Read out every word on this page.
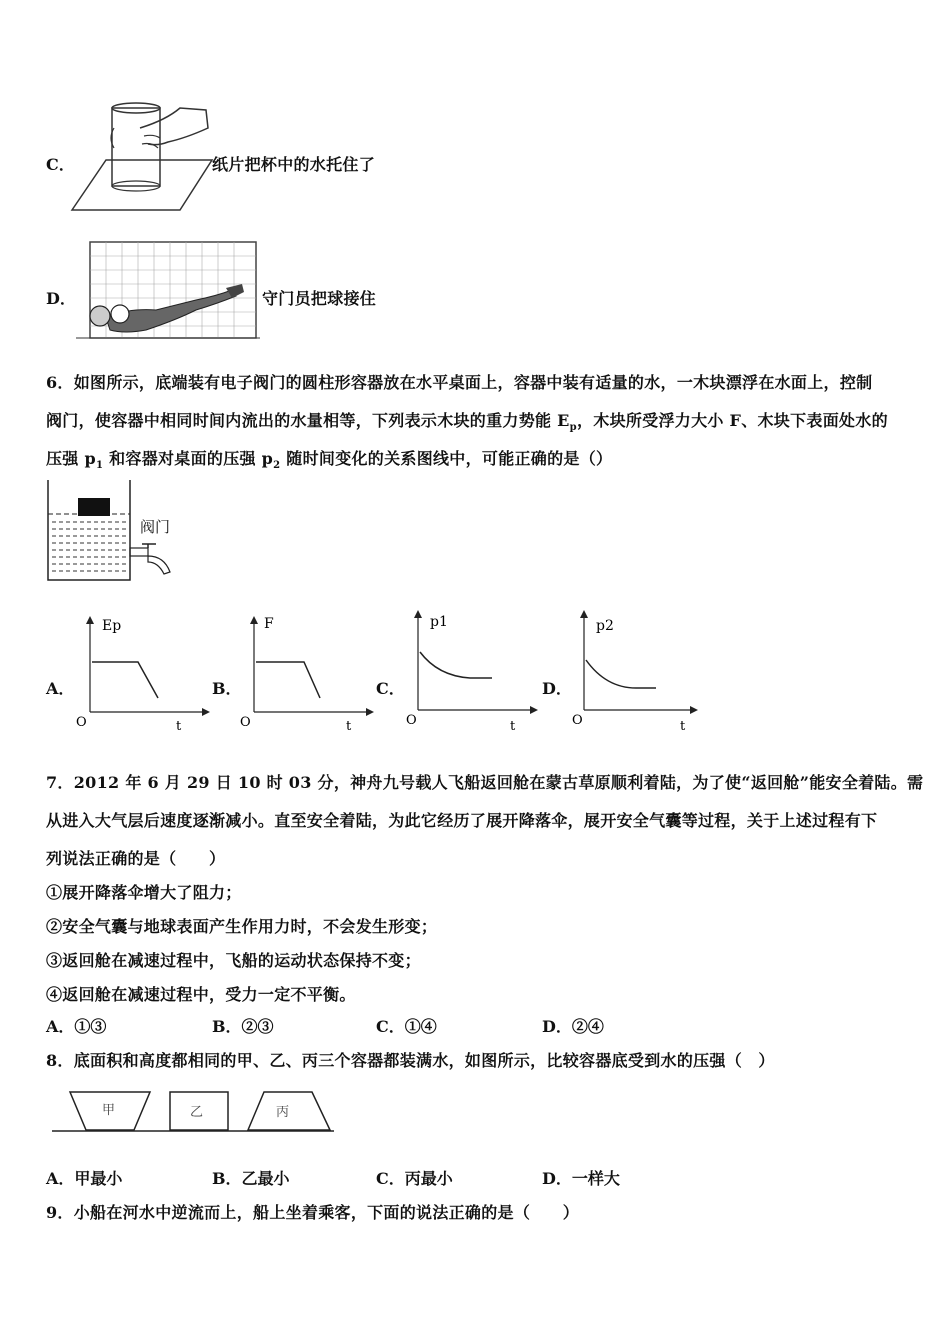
C．	纸片把杯中的水托住了
D．	守门员把球接住
6．如图所示，底端装有电子阀门的圆柱形容器放在水平桌面上，容器中装有适量的水，一木块漂浮在水面上，控制
阀门，使容器中相同时间内流出的水量相等，下列表示木块的重力势能 $E_p$，木块所受浮力大小 F、木块下表面处水的
压强 $p_1$ 和容器对桌面的压强 $p_2$ 随时间变化的关系图线中，可能正确的是（）
阀门
A．
Ep
O	t
B．
F
O	t
C．
p1
O	t
D．
p2
O	t
7．2012 年 6 月 29 日 10 时 03 分，神舟九号载人飞船返回舱在蒙古草原顺利着陆，为了使“返回舱”能安全着陆。需
从进入大气层后速度逐渐减小。直至安全着陆，为此它经历了展开降落伞，展开安全气囊等过程，关于上述过程有下
列说法正确的是（　　）
①展开降落伞增大了阻力；
②安全气囊与地球表面产生作用力时，不会发生形变；
③返回舱在减速过程中，飞船的运动状态保持不变；
④返回舱在减速过程中，受力一定不平衡。
A．①③	B．②③	C．①④	D．②④
8．底面积和高度都相同的甲、乙、丙三个容器都装满水，如图所示，比较容器底受到水的压强（　）
甲	乙	丙
A．甲最小	B．乙最小	C．丙最小	D．一样大
9．小船在河水中逆流而上，船上坐着乘客，下面的说法正确的是（　　）
